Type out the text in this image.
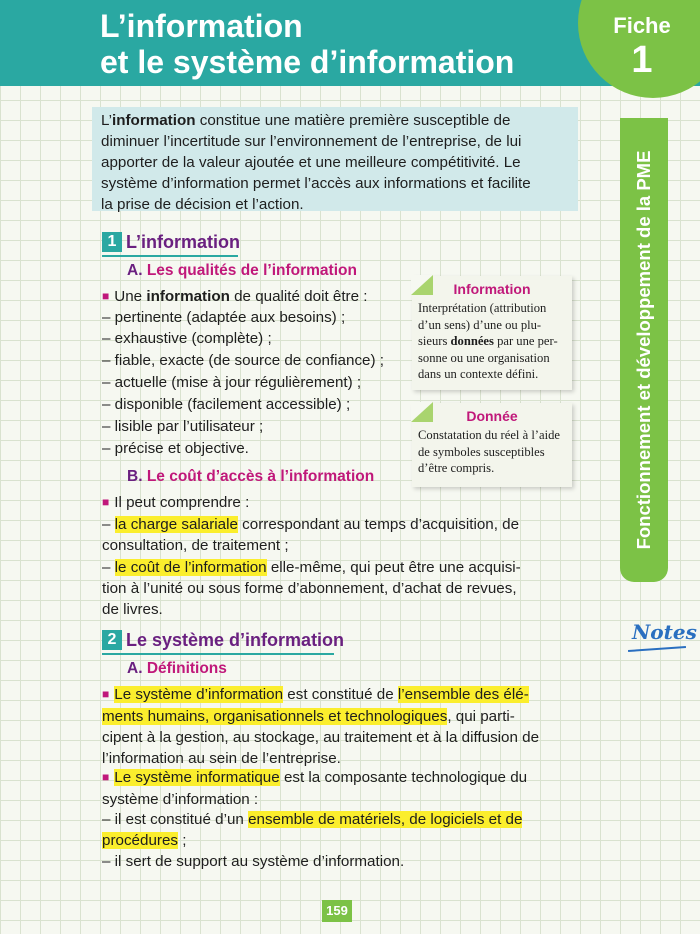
L’information
et le système d’information
Fiche
1

L’information constitue une matière première susceptible de
diminuer l’incertitude sur l’environnement de l’entreprise, de lui
apporter de la valeur ajoutée et une meilleure compétitivité. Le
système d’information permet l’accès aux informations et facilite
la prise de décision et l’action.	Fonctionnement et développement de la PME
Notes
1 L’information
A. Les qualités de l’information
■ Une information de qualité doit être :
– pertinente (adaptée aux besoins) ;
– exhaustive (complète) ;
– fiable, exacte (de source de confiance) ;
– actuelle (mise à jour régulièrement) ;
– disponible (facilement accessible) ;
– lisible par l’utilisateur ;
– précise et objective.
B. Le coût d’accès à l’information
■ Il peut comprendre :
– la charge salariale correspondant au temps d’acquisition, de
consultation, de traitement ;
– le coût de l’information elle-même, qui peut être une acquisi-
tion à l’unité ou sous forme d’abonnement, d’achat de revues,
de livres.
Information
Interprétation (attribution
d’un sens) d’une ou plu-
sieurs données par une per-
sonne ou une organisation
dans un contexte défini.
Donnée
Constatation du réel à l’aide
de symboles susceptibles
d’être compris.
2 Le système d’information
A. Définitions
■ Le système d’information est constitué de l’ensemble des élé-
ments humains, organisationnels et technologiques, qui parti-
cipent à la gestion, au stockage, au traitement et à la diffusion de
l’information au sein de l’entreprise.
■ Le système informatique est la composante technologique du
système d’information :
– il est constitué d’un ensemble de matériels, de logiciels et de
procédures ;
– il sert de support au système d’information.
159
